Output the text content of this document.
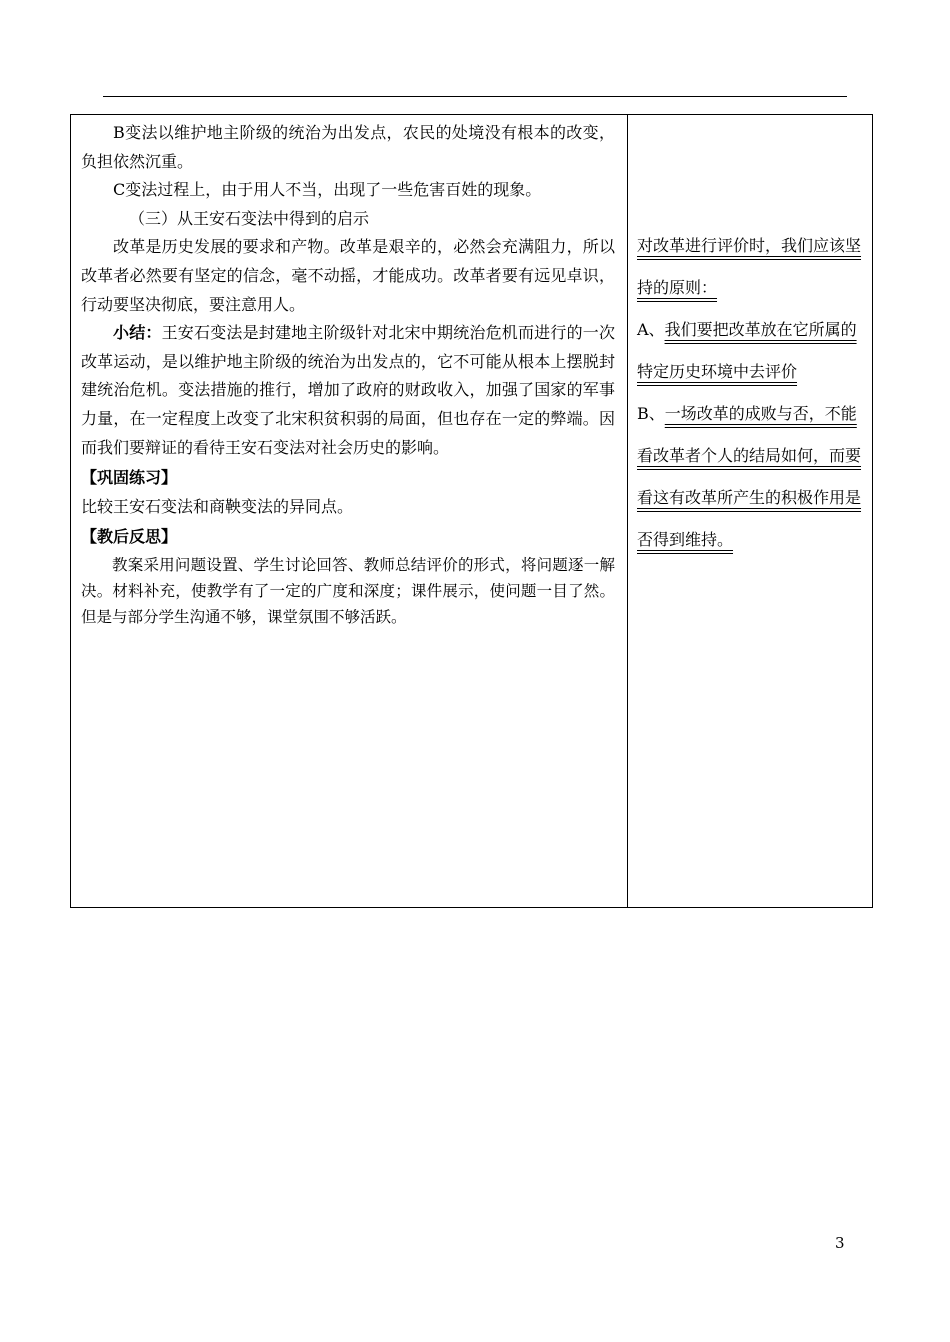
B变法以维护地主阶级的统治为出发点，农民的处境没有根本的改变，负担依然沉重。

C变法过程上，由于用人不当，出现了一些危害百姓的现象。

（三）从王安石变法中得到的启示

改革是历史发展的要求和产物。改革是艰辛的，必然会充满阻力，所以改革者必然要有坚定的信念，毫不动摇，才能成功。改革者要有远见卓识，行动要坚决彻底，要注意用人。

小结：王安石变法是封建地主阶级针对北宋中期统治危机而进行的一次改革运动，是以维护地主阶级的统治为出发点的，它不可能从根本上摆脱封建统治危机。变法措施的推行，增加了政府的财政收入，加强了国家的军事力量，在一定程度上改变了北宋积贫积弱的局面，但也存在一定的弊端。因而我们要辩证的看待王安石变法对社会历史的影响。

【巩固练习】

比较王安石变法和商鞅变法的异同点。

【教后反思】

教案采用问题设置、学生讨论回答、教师总结评价的形式，将问题逐一解决。材料补充，使教学有了一定的广度和深度；课件展示，使问题一目了然。但是与部分学生沟通不够，课堂氛围不够活跃。

对改革进行评价时，我们应该坚持的原则：

A、我们要把改革放在它所属的特定历史环境中去评价

B、一场改革的成败与否，不能看改革者个人的结局如何，而要看这有改革所产生的积极作用是否得到维持。

3
